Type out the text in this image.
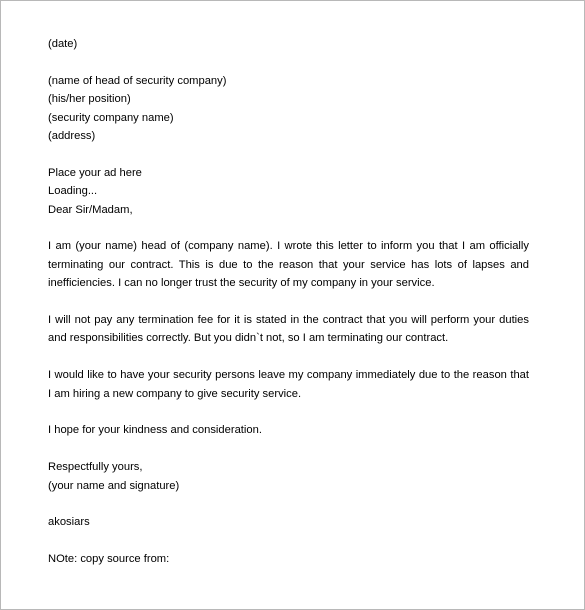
(date)
(name of head of security company)
(his/her position)
(security company name)
(address)
Place your ad here
Loading...
Dear Sir/Madam,

I am (your name) head of (company name). I wrote this letter to inform you that I am officially terminating our contract. This is due to the reason that your service has lots of lapses and inefficiencies. I can no longer trust the security of my company in your service.

I will not pay any termination fee for it is stated in the contract that you will perform your duties and responsibilities correctly. But you didn`t not, so I am terminating our contract.

I would like to have your security persons leave my company immediately due to the reason that I am hiring a new company to give security service.

I hope for your kindness and consideration.

Respectfully yours,
(your name and signature)
akosiars
NOte: copy source from:
